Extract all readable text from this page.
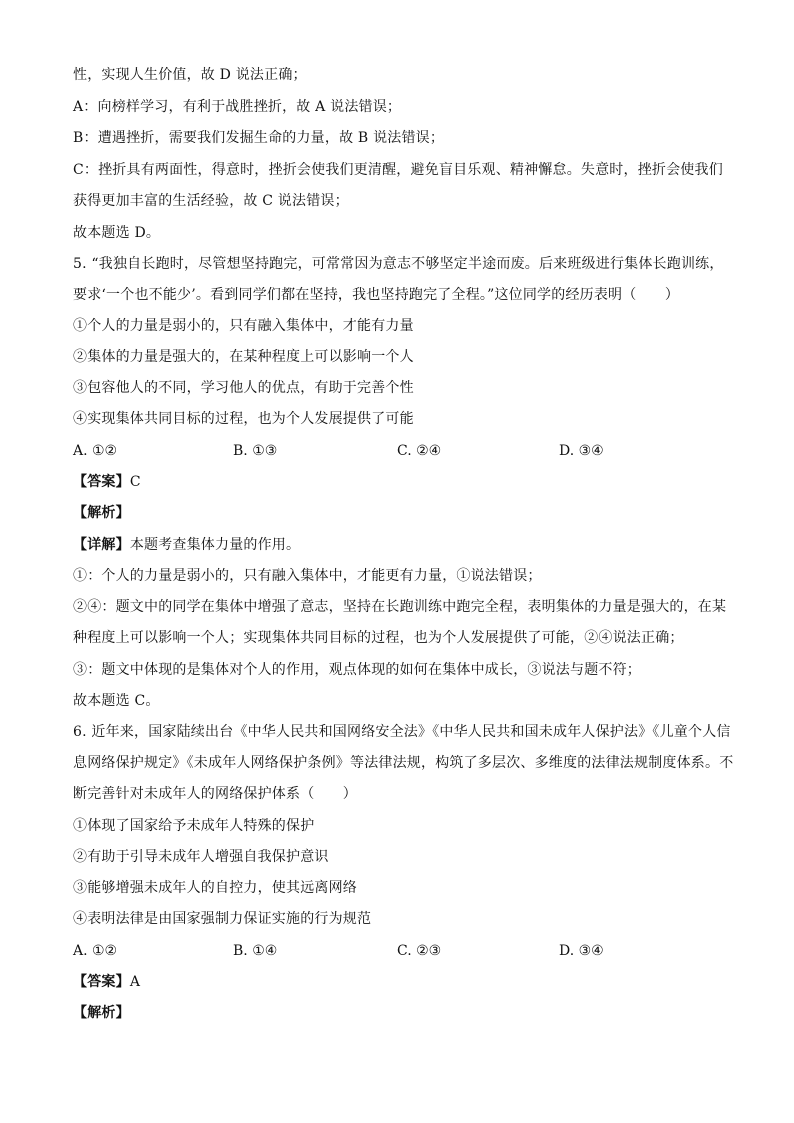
性，实现人生价值，故 D 说法正确；
A：向榜样学习，有利于战胜挫折，故 A 说法错误；
B：遭遇挫折，需要我们发掘生命的力量，故 B 说法错误；
C：挫折具有两面性，得意时，挫折会使我们更清醒，避免盲目乐观、精神懈怠。失意时，挫折会使我们
获得更加丰富的生活经验，故 C 说法错误；
故本题选 D。
5. “我独自长跑时，尽管想坚持跑完，可常常因为意志不够坚定半途而废。后来班级进行集体长跑训练，
要求‘一个也不能少’。看到同学们都在坚持，我也坚持跑完了全程。”这位同学的经历表明（　　）
①个人的力量是弱小的，只有融入集体中，才能有力量
②集体的力量是强大的，在某种程度上可以影响一个人
③包容他人的不同，学习他人的优点，有助于完善个性
④实现集体共同目标的过程，也为个人发展提供了可能
A. ①②	B. ①③	C. ②④	D. ③④
【答案】C
【解析】
【详解】本题考查集体力量的作用。
①：个人的力量是弱小的，只有融入集体中，才能更有力量，①说法错误；
②④：题文中的同学在集体中增强了意志，坚持在长跑训练中跑完全程，表明集体的力量是强大的，在某
种程度上可以影响一个人；实现集体共同目标的过程，也为个人发展提供了可能，②④说法正确；
③：题文中体现的是集体对个人的作用，观点体现的如何在集体中成长，③说法与题不符；
故本题选 C。
6. 近年来，国家陆续出台《中华人民共和国网络安全法》《中华人民共和国未成年人保护法》《儿童个人信
息网络保护规定》《未成年人网络保护条例》等法律法规，构筑了多层次、多维度的法律法规制度体系。不
断完善针对未成年人的网络保护体系（　　）
①体现了国家给予未成年人特殊的保护
②有助于引导未成年人增强自我保护意识
③能够增强未成年人的自控力，使其远离网络
④表明法律是由国家强制力保证实施的行为规范
A. ①②	B. ①④	C. ②③	D. ③④
【答案】A
【解析】
